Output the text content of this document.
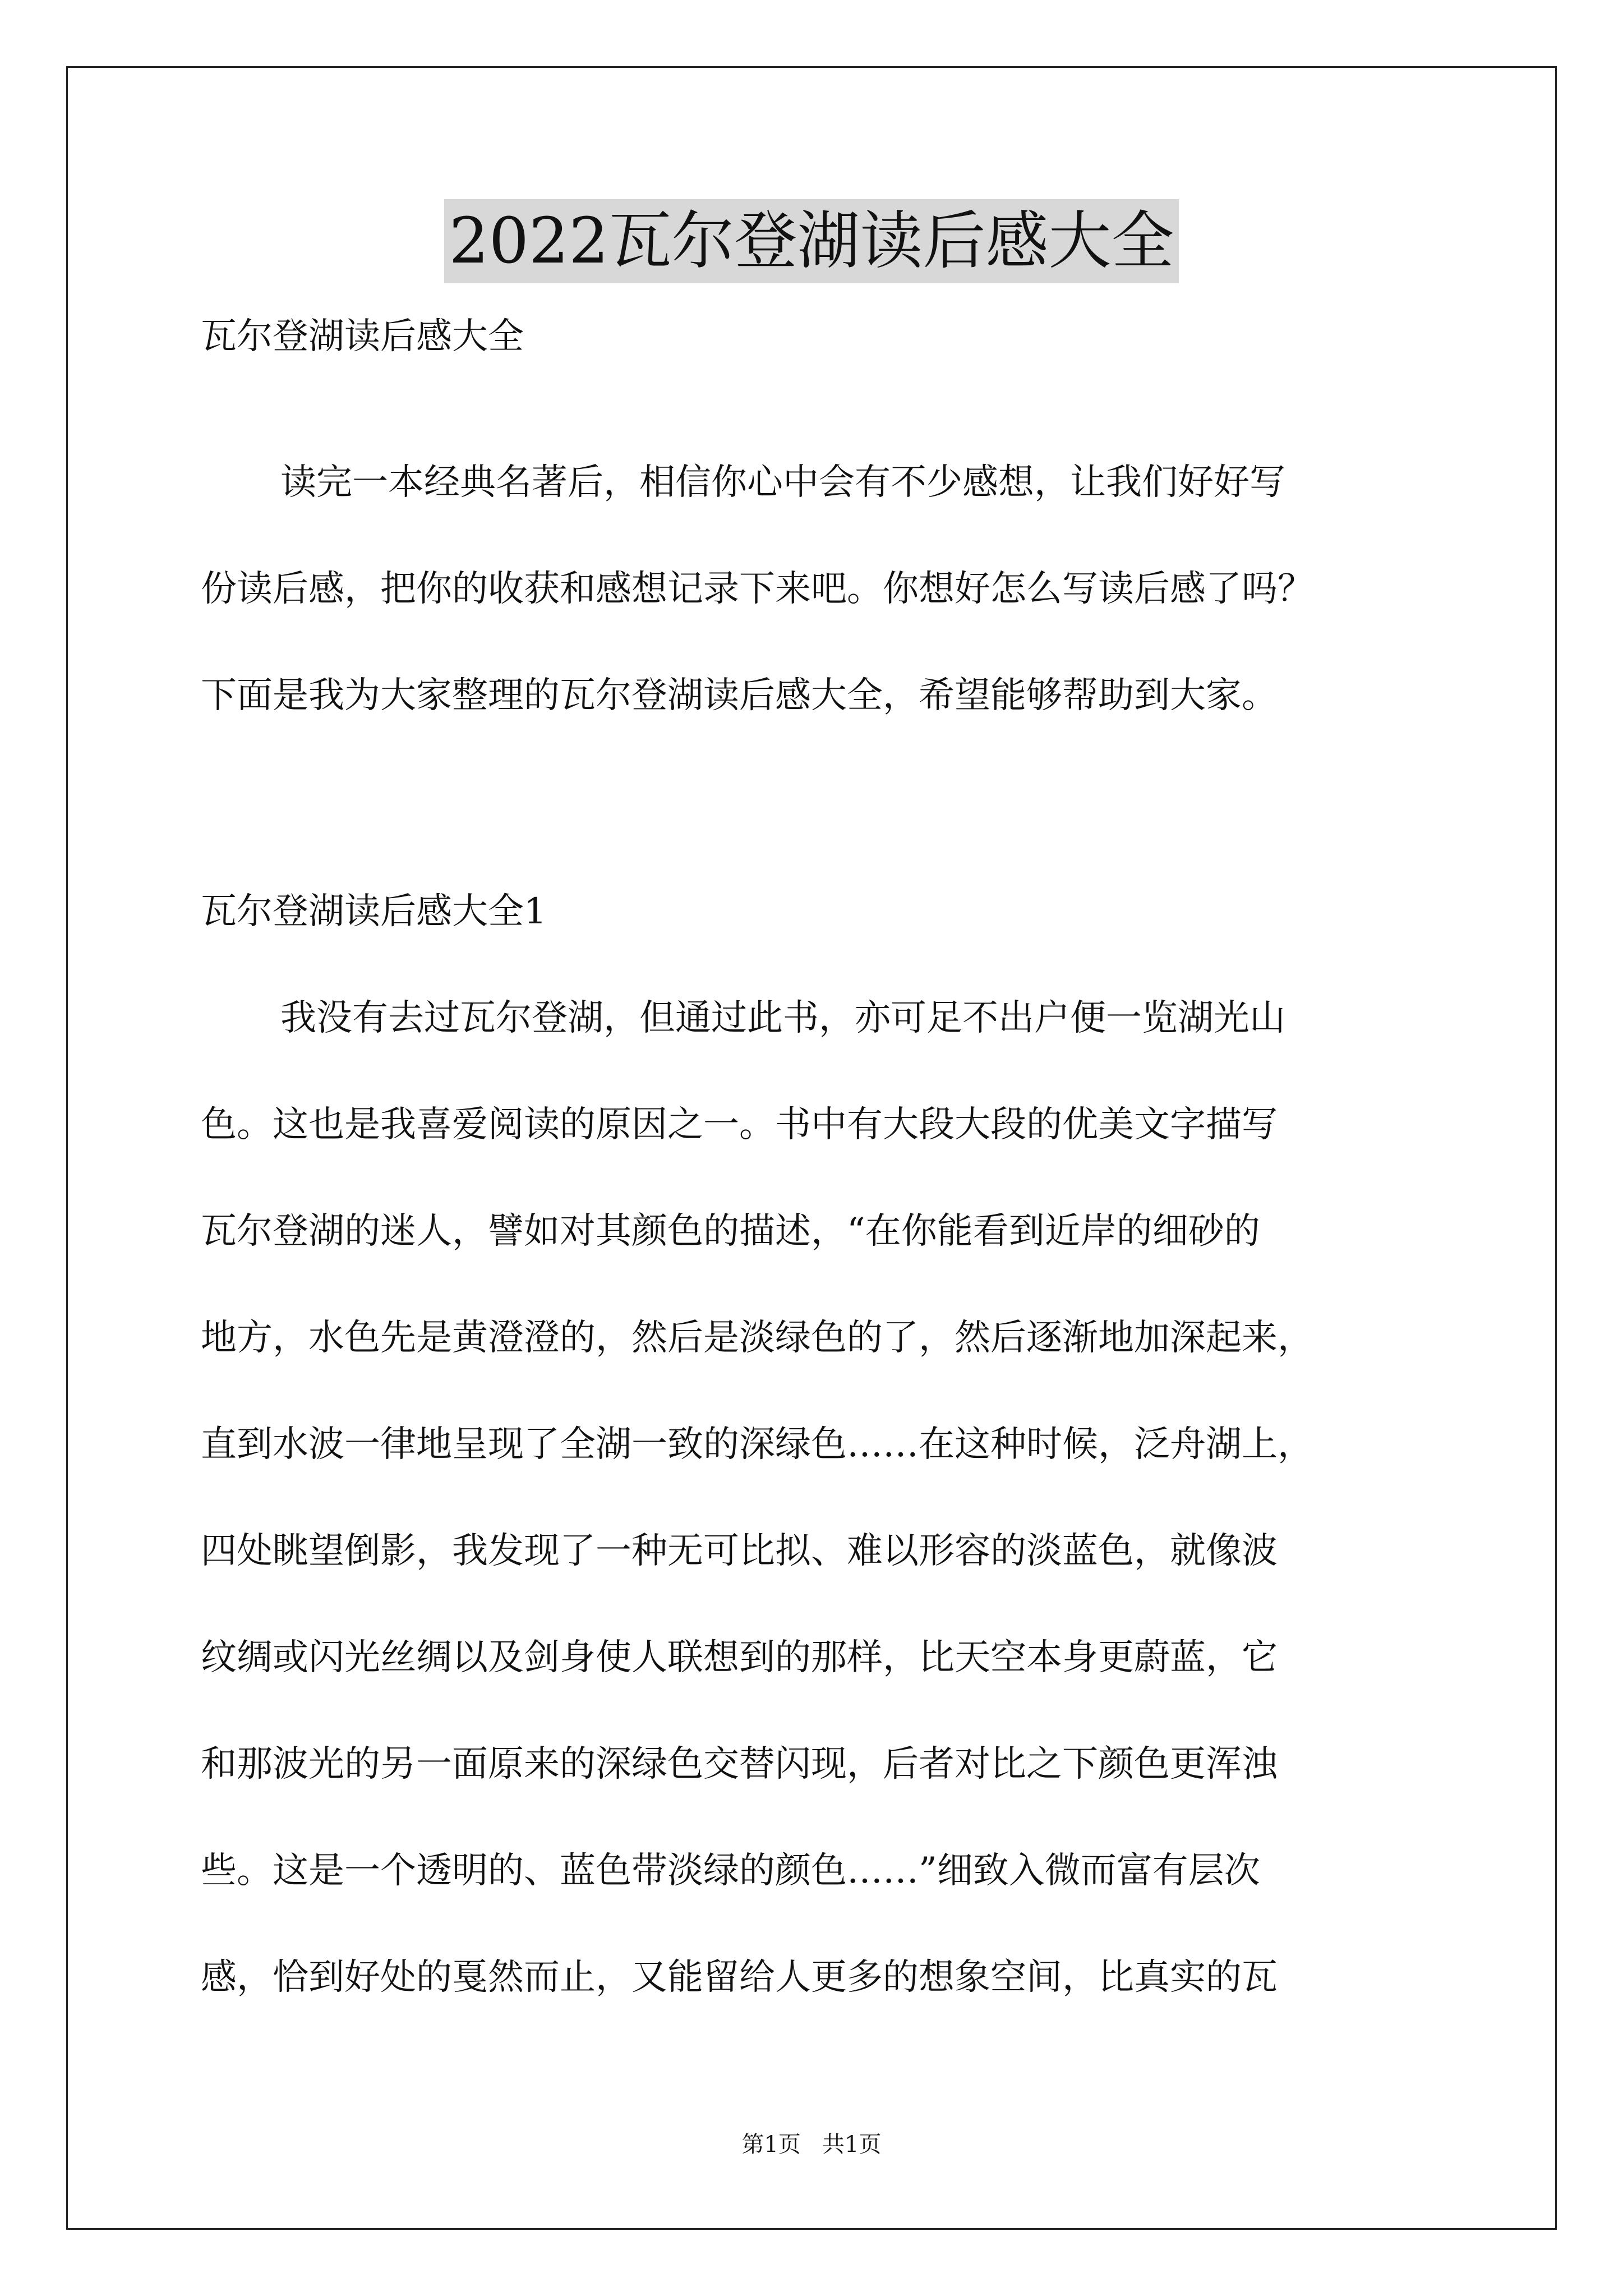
2022瓦尔登湖读后感大全
瓦尔登湖读后感大全
读完一本经典名著后，相信你心中会有不少感想，让我们好好写
份读后感，把你的收获和感想记录下来吧。你想好怎么写读后感了吗？
下面是我为大家整理的瓦尔登湖读后感大全，希望能够帮助到大家。
瓦尔登湖读后感大全1
我没有去过瓦尔登湖，但通过此书，亦可足不出户便一览湖光山
色。这也是我喜爱阅读的原因之一。书中有大段大段的优美文字描写
瓦尔登湖的迷人，譬如对其颜色的描述，“在你能看到近岸的细砂的
地方，水色先是黄澄澄的，然后是淡绿色的了，然后逐渐地加深起来，
直到水波一律地呈现了全湖一致的深绿色……在这种时候，泛舟湖上，
四处眺望倒影，我发现了一种无可比拟、难以形容的淡蓝色，就像波
纹绸或闪光丝绸以及剑身使人联想到的那样，比天空本身更蔚蓝，它
和那波光的另一面原来的深绿色交替闪现，后者对比之下颜色更浑浊
些。这是一个透明的、蓝色带淡绿的颜色……”细致入微而富有层次
感，恰到好处的戛然而止，又能留给人更多的想象空间，比真实的瓦
第1页   共1页
